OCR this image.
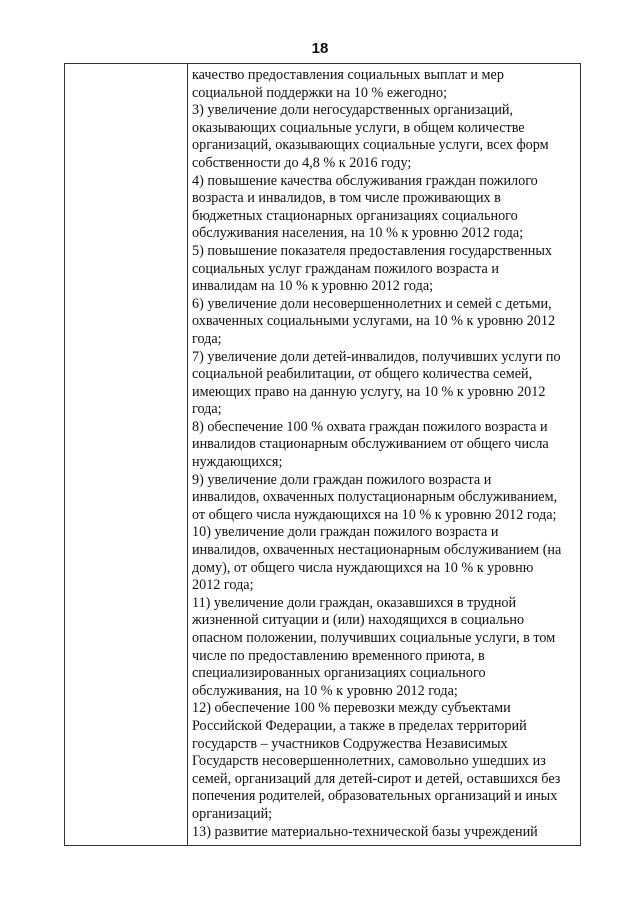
18
качество предоставления социальных выплат и мер
социальной поддержки на 10 % ежегодно;
3) увеличение доли негосударственных организаций,
оказывающих социальные услуги, в общем количестве
организаций, оказывающих социальные услуги, всех форм
собственности до 4,8 % к 2016 году;
4) повышение качества обслуживания граждан пожилого
возраста и инвалидов, в том числе проживающих в
бюджетных стационарных организациях социального
обслуживания населения, на 10 % к уровню 2012 года;
5) повышение показателя предоставления государственных
социальных услуг гражданам пожилого возраста и
инвалидам на 10 % к уровню 2012 года;
6) увеличение доли несовершеннолетних и семей с детьми,
охваченных социальными услугами, на 10 % к уровню 2012
года;
7) увеличение доли детей-инвалидов, получивших услуги по
социальной реабилитации, от общего количества семей,
имеющих право на данную услугу, на 10 % к уровню 2012
года;
8) обеспечение 100 % охвата граждан пожилого возраста и
инвалидов стационарным обслуживанием от общего числа
нуждающихся;
9) увеличение доли граждан пожилого возраста и
инвалидов, охваченных полустационарным обслуживанием,
от общего числа нуждающихся на 10 % к уровню 2012 года;
10) увеличение доли граждан пожилого возраста и
инвалидов, охваченных нестационарным обслуживанием (на
дому), от общего числа нуждающихся на 10 % к уровню
2012 года;
11) увеличение доли граждан, оказавшихся в трудной
жизненной ситуации и (или) находящихся в социально
опасном положении, получивших социальные услуги, в том
числе по предоставлению временного приюта, в
специализированных организациях социального
обслуживания, на 10 % к уровню 2012 года;
12) обеспечение 100 % перевозки между субъектами
Российской Федерации, а также в пределах территорий
государств – участников Содружества Независимых
Государств несовершеннолетних, самовольно ушедших из
семей, организаций для детей-сирот и детей, оставшихся без
попечения родителей, образовательных организаций и иных
организаций;
13) развитие материально-технической базы учреждений
